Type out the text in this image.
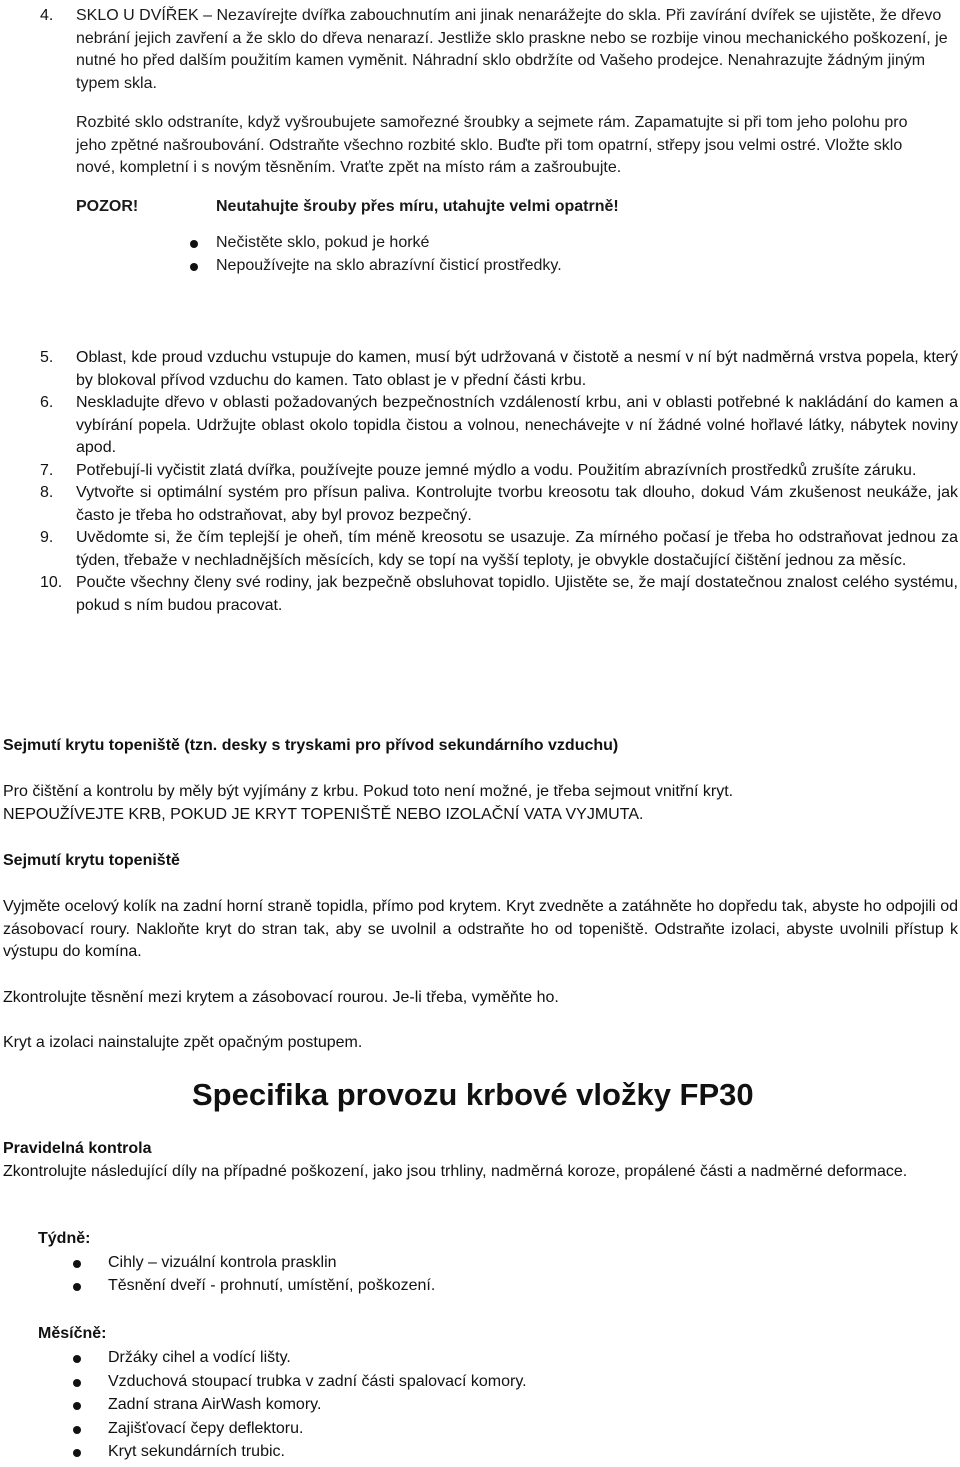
4.	SKLO U DVÍŘEK – Nezavírejte dvířka zabouchnutím ani jinak nenarážejte do skla. Při zavírání dvířek se ujistěte, že dřevo nebrání jejich zavření a že sklo do dřeva nenarazí. Jestliže sklo praskne nebo se rozbije vinou mechanického poškození, je nutné ho před dalším použitím kamen vyměnit. Náhradní sklo obdržíte od Vašeho prodejce. Nenahrazujte žádným jiným typem skla.
Rozbité sklo odstraníte, když vyšroubujete samořezné šroubky a sejmete rám. Zapamatujte si při tom jeho polohu pro jeho zpětné našroubování. Odstraňte všechno rozbité sklo. Buďte při tom opatrní, střepy jsou velmi ostré. Vložte sklo nové, kompletní i s novým těsněním. Vraťte zpět na místo rám a zašroubujte.
POZOR!	Neutahujte šrouby přes míru, utahujte velmi opatrně!
Nečistěte sklo, pokud je horké
Nepoužívejte na sklo abrazívní čisticí prostředky.
5.	Oblast, kde proud vzduchu vstupuje do kamen, musí být udržovaná v čistotě a nesmí v ní být nadměrná vrstva popela, který by blokoval přívod vzduchu do kamen. Tato oblast je v přední části krbu.
6.	Neskladujte dřevo v oblasti požadovaných bezpečnostních vzdáleností krbu, ani v oblasti potřebné k nakládání do kamen a vybírání popela. Udržujte oblast okolo topidla čistou a volnou, nenechávejte v ní žádné volné hořlavé látky, nábytek noviny apod.
7.	Potřebují-li vyčistit zlatá dvířka, používejte pouze jemné mýdlo a vodu. Použitím abrazívních prostředků zrušíte záruku.
8.	Vytvořte si optimální systém pro přísun paliva. Kontrolujte tvorbu kreosotu tak dlouho, dokud Vám zkušenost neukáže, jak často je třeba ho odstraňovat, aby byl provoz bezpečný.
9.	Uvědomte si, že čím teplejší je oheň, tím méně kreosotu se usazuje. Za mírného počasí je třeba ho odstraňovat jednou za týden, třebaže v nechladnějších měsících, kdy se topí na vyšší teploty, je obvykle dostačující čištění jednou za měsíc.
10. Poučte všechny členy své rodiny, jak bezpečně obsluhovat topidlo. Ujistěte se, že mají dostatečnou znalost celého systému, pokud s ním budou pracovat.
Sejmutí krytu topeniště (tzn. desky s tryskami pro přívod sekundárního vzduchu)
Pro čištění a kontrolu by měly být vyjímány z krbu. Pokud toto není možné, je třeba sejmout vnitřní kryt.
NEPOUŽÍVEJTE KRB, POKUD JE KRYT TOPENIŠTĚ NEBO IZOLAČNÍ VATA VYJMUTA.
Sejmutí krytu topeniště
Vyjměte ocelový kolík na zadní horní straně topidla, přímo pod krytem. Kryt zvedněte a zatáhněte ho dopředu tak, abyste ho odpojili od zásobovací roury. Nakloňte kryt do stran tak, aby se uvolnil a odstraňte ho od topeniště. Odstraňte izolaci, abyste uvolnili přístup k výstupu do komína.
Zkontrolujte těsnění mezi krytem a zásobovací rourou. Je-li třeba, vyměňte ho.
Kryt a izolaci nainstalujte zpět opačným postupem.
Specifika provozu krbové vložky FP30
Pravidelná kontrola
Zkontrolujte následující díly na případné poškození, jako jsou trhliny, nadměrná koroze, propálené části a nadměrné deformace.
Týdně:
Cihly – vizuální kontrola prasklin
Těsnění dveří - prohnutí, umístění, poškození.
Měsíčně:
Držáky cihel a vodící lišty.
Vzduchová stoupací trubka v zadní části spalovací komory.
Zadní strana AirWash komory.
Zajišťovací čepy deflektoru.
Kryt sekundárních trubic.
